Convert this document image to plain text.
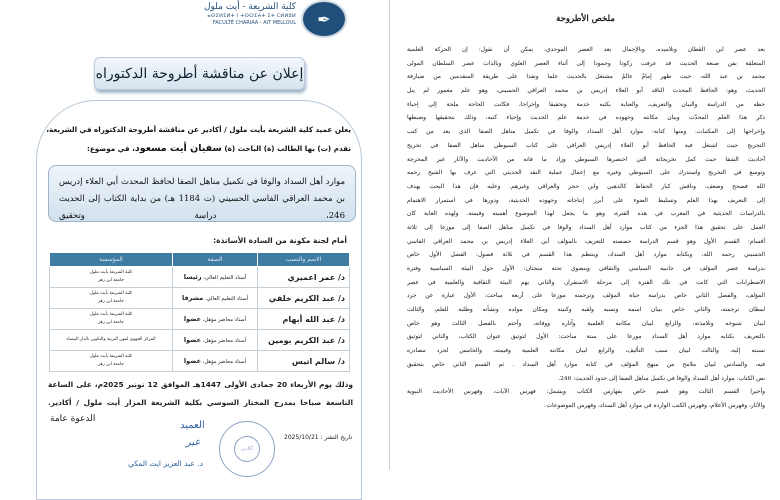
✒
كلية الشريعة - أيت ملول
ⴰⵙⵉⵍⵉⵍⵜ ⵏ ⵜⵙⵔⵉⵄⵜ ⵉⵜ ⵎⵍⵍⵓⵍ
FACULTÉ CHARIAA - AIT MELLOUL
إعلان عن مناقشة أطروحة الدكتوراه
يعلن عميد كلية الشريعة بأيت ملول / أكادير عن مناقشة أطروحة الدكتوراه في الشريعة،
تقدم (ت) بها الطالب (ة) الباحث (ة) سفيان أيت مسعود، في موضوع:
موارد أهل السداد والوفا في تكميل مناهل الصفا لحافظ المحدث أبي العلاء إدريس بن محمد العراقي الفاسي الحسيني (ت 1184 هـ) من بداية الكتاب إلى الحديث 246، دراسة وتحقيق
أمام لجنة مكونة من السادة الأساتذة:
الاسم والنسب	الصفة	المؤسسة
د/ عمر اعميري	أستاذ التعليم العالي، رئيسا	كلية الشريعة بأيت ملول
جامعة ابن زهر

د/ عبد الكريم خلفي	أستاذ التعليم العالي، مشرفا	كلية الشريعة بأيت ملول
جامعة ابن زهر

د/ عبد الله أبهام	أستاذ محاضر مؤهل، عضوا	كلية الشريعة بأيت ملول
جامعة ابن زهر

د/ عبد الكريم بومين	أستاذ محاضر مؤهل، عضوا	المركز الجهوي لمهن التربية والتكوين بالدار البيضاء

د/ سالم اتيس	أستاذ محاضر مؤهل، عضوا	كلية الشريعة بأيت ملول
جامعة ابن زهر
وذلك يوم الأربعاء 20 جمادى الأولى 1447هـ الموافق 12 نونبر 2025م، على الساعة
التاسعة صباحا بمدرج المختار السوسي بكلية الشريعة المزار أيت ملول / أكادير.
الدعوة عامة
العميد
عبر
أكادير
د. عبد العزيز ايت المكي
تاريخ النشر : 2025/10/21
ملخص الأطروحة
بعد عصر ابن القطان وتلاميذه، وبالإجمال بعد العصر الموحدي، يمكن أن نقول: إن الحركة العلمية
المتعلقة بفن صنعة الحديث قد عرفت ركودا وجمودا إلى أثناء العصر العلوي وبالذات عصر السلطان المولى
محمد بن عبد الله، حيث ظهر إمامٌ عالمٌ مشتغل بالحديث علما ونقدا على طريقة المتقدمين من صيارفة
الحديث، وهو: الحافظ المحدث الناقد أبو العلاء إدريس بن محمد العراقي الحسيني، وهو علم مغمور لم ينل
حظه من الدراسة والبيان والتعريف، والعناية بكتبه خدمة وتحقيقا وإخراجا، فكانت الحاجة ملحة إلى إحياء
ذكر هذا العلم المحدّث وبيان مكانته وجهوده في خدمة علم الحديث وإحياء كتبه، وذلك بتحقيقها وضبطها
وإخراجها إلى المكتبات. ومنها كتابه: موارد أهل السداد والوفا في تكميل مناهل الصفا الذي يعد من كتب
التخريج حيث اشتغل فيه الحافظ أبو العلاء إدريس العراقي على كتاب السيوطي مناهل الصفا في تخريج
أحاديث الشفا حيث كمل تخريجاته التي اختصرها السيوطي وزاد ما فاته من الأحاديث والآثار غير المخرجة
وتوسع في التخريج واستدرك على السيوطي وغيره مع إعمال عملية النقد الحديثي التي عرف بها الشيخ رحمه
الله فصحح وضعف، وناقش كبار الحفاظ كالذهبي وابن حجر والعراقي وغيرهم. وعليه فإن هذا البحث يهدف
إلى التعريف بهذا العلم وتسليط الضوء على أبرز إنتاجاته وجهوده الحديثية، ودورها في استمرار الاهتمام
بالدراسات الحديثية في المغرب في هذه الفترة، وهو ما يجعل لهذا الموضوع أهميته وقيمته. ولهذه الغاية كان
العمل على تحقيق هذا الجزء من كتاب موارد أهل السداد والوفا في تكميل مناهل الصفا إلى موزعا إلى ثلاثة
أقسام: القسم الأول وهو قسم الدراسة خصصته للتعريف بالمؤلف أبي العلاء إدريس بن محمد العراقي الفاسي
الحسيني رحمه الله، وبكتابه موارد أهل السداد، وينتظم هذا القسم في ثلاثة فصول: الفصل الأول خاص
بدراسة عصر المؤلف في جانبيه السياسي والثقافي وينضوي تحته مبحثان: الأول حول البيئة السياسية وفترة
الاضطرابات التي كانت في تلك الفترة إلى مرحلة الاستقرار، والثاني يهم البيئة الثقافية والعلمية في عصر
المؤلف، والفصل الثاني خاص بدراسة حياة المؤلف وترجمته موزعا على أربعة مباحث: الأول عبارة عن جرد
لمظان ترجمته، والثاني خاص ببيان اسمه ونسبه ولقبه وكنيته ومكان مولده ونشأته وطلبه للعلم، والثالث
لبيان شيوخه وتلامذته، والرابع لبيان مكانته العلمية وآثاره ووفاته، وأختم بالفصل الثالث وهو خاص
بالتعريف بكتابه موارد أهل السداد موزعا على ستة مباحث: الأول لتوثيق عنوان الكتاب، والثاني لتوثيق
نسبته إليه، والثالث لبيان سبب التأليف، والرابع لبيان مكانته العلمية وقيمته، والخامس لجرد مصادره
فيه، والسادس لبيان ملامح من منهج المؤلف في كتابه موارد أهل السداد . ثم القسم الثاني خاص بتحقيق
نص الكتاب: موارد أهل السداد والوفا في تكميل مناهل الصفا إلى حدود الحديث: 246.
وأخيرا القسم الثالث وهو قسم خاص بفهارس الكتاب ويشمل: فهرس الآيات، وفهرس الأحاديث النبوية
والآثار، وفهرس الأعلام، وفهرس الكتب الواردة في موارد أهل السداد، وفهرس الموضوعات.
